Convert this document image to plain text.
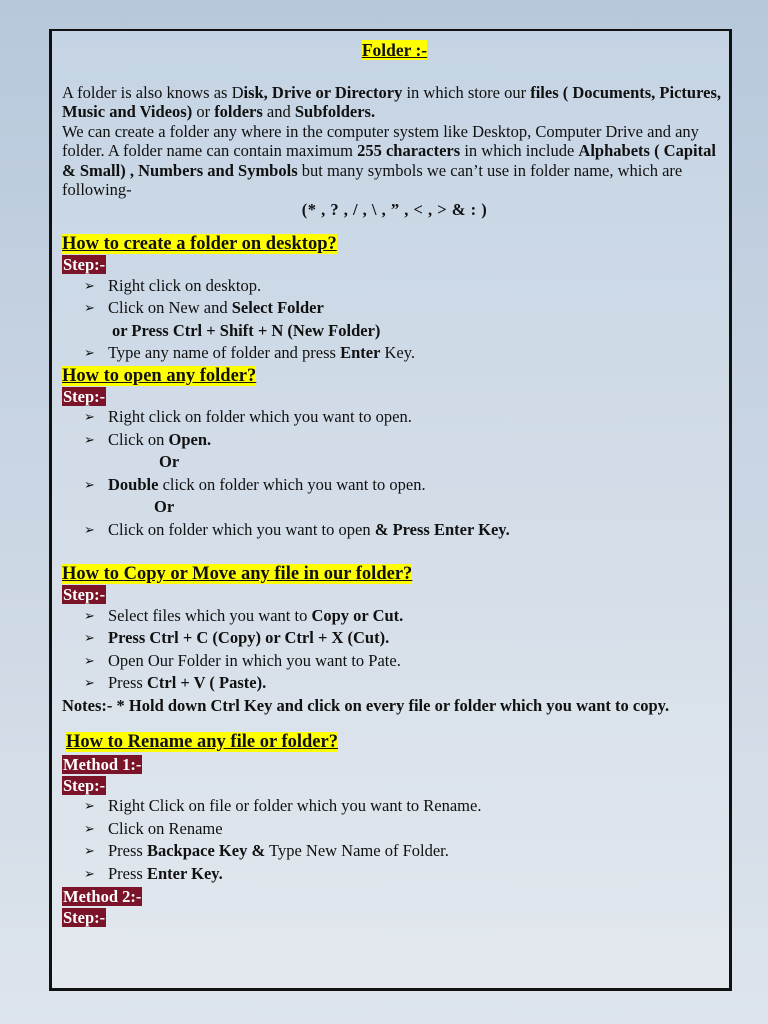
Folder :-

A folder is also knows as Disk, Drive or Directory in which store our files ( Documents, Pictures, Music and Videos) or folders and Subfolders.

We can create a folder any where in the computer system like Desktop, Computer Drive and any folder. A folder name can contain maximum 255 characters in which include Alphabets ( Capital & Small) , Numbers and Symbols but many symbols we can’t use in folder name, which are following-

(* , ? , / , \ , ” , < , > & : )

How to create a folder on desktop?

Step:-
➢ Right click on desktop.
➢ Click on New and Select Folder
or Press Ctrl + Shift + N (New Folder)
➢ Type any name of folder and press Enter Key.

How to open any folder?

Step:-
➢ Right click on folder which you want to open.
➢ Click on Open.
Or
➢ Double click on folder which you want to open.
Or
➢ Click on folder which you want to open & Press Enter Key.

How to Copy or Move any file in our folder?

Step:-
➢ Select files which you want to Copy or Cut.
➢ Press Ctrl + C (Copy) or Ctrl + X (Cut).
➢ Open Our Folder in which you want to Pate.
➢ Press Ctrl + V ( Paste).
Notes:- * Hold down Ctrl Key and click on every file or folder which you want to copy.

How to Rename any file or folder?

Method 1:-
Step:-
➢ Right Click on file or folder which you want to Rename.
➢ Click on Rename
➢ Press Backpace Key & Type New Name of Folder.
➢ Press Enter Key.
Method 2:-
Step:-
